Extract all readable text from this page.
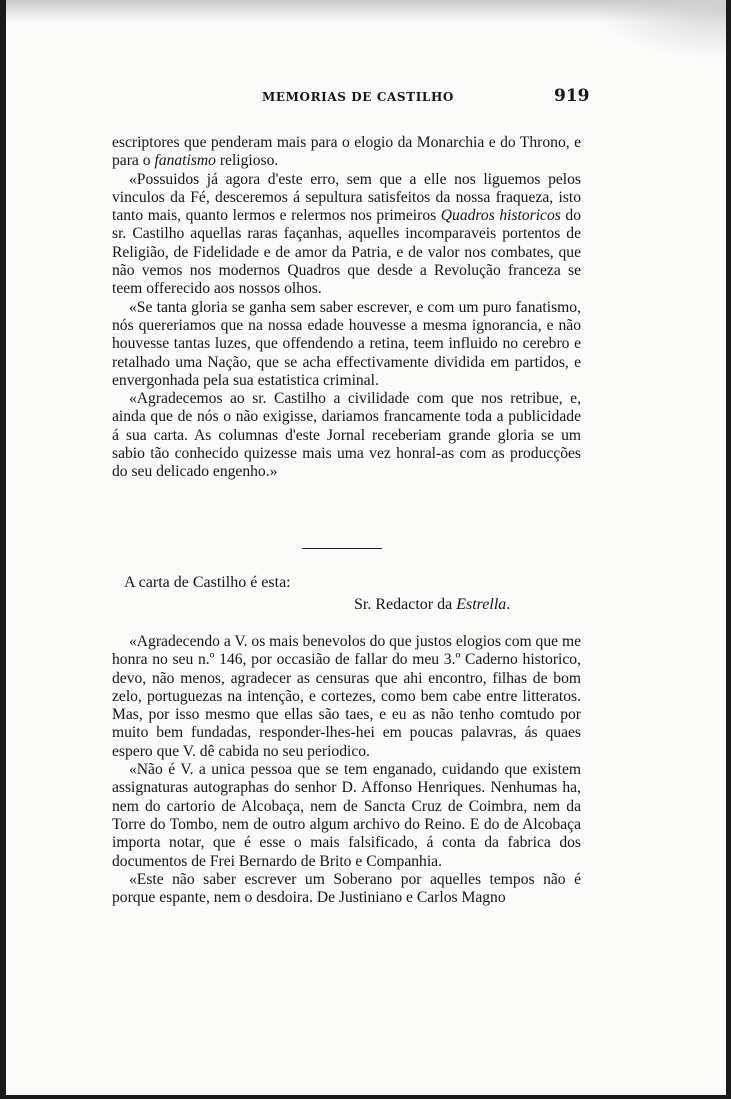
MEMORIAS DE CASTILHO	919

escriptores que penderam mais para o elogio da Monarchia e do Throno, e para o fanatismo religioso.

«Possuidos já agora d'este erro, sem que a elle nos liguemos pelos vinculos da Fé, desceremos á sepultura satisfeitos da nossa fraqueza, isto tanto mais, quanto lermos e relermos nos primeiros Quadros historicos do sr. Castilho aquellas raras façanhas, aquelles incomparaveis portentos de Religião, de Fidelidade e de amor da Patria, e de valor nos combates, que não vemos nos modernos Quadros que desde a Revolução franceza se teem offerecido aos nossos olhos.

«Se tanta gloria se ganha sem saber escrever, e com um puro fanatismo, nós quereriamos que na nossa edade houvesse a mesma ignorancia, e não houvesse tantas luzes, que offendendo a retina, teem influido no cerebro e retalhado uma Nação, que se acha effectivamente dividida em partidos, e envergonhada pela sua estatistica criminal.

«Agradecemos ao sr. Castilho a civilidade com que nos retribue, e, ainda que de nós o não exigisse, dariamos francamente toda a publicidade á sua carta. As columnas d'este Jornal receberiam grande gloria se um sabio tão conhecido quizesse mais uma vez honral-as com as producções do seu delicado engenho.»

A carta de Castilho é esta:
Sr. Redactor da Estrella.

«Agradecendo a V. os mais benevolos do que justos elogios com que me honra no seu n.º 146, por occasião de fallar do meu 3.º Caderno historico, devo, não menos, agradecer as censuras que ahi encontro, filhas de bom zelo, portuguezas na intenção, e cortezes, como bem cabe entre litteratos. Mas, por isso mesmo que ellas são taes, e eu as não tenho comtudo por muito bem fundadas, responder-lhes-hei em poucas palavras, ás quaes espero que V. dê cabida no seu periodico.

«Não é V. a unica pessoa que se tem enganado, cuidando que existem assignaturas autographas do senhor D. Affonso Henriques. Nenhumas ha, nem do cartorio de Alcobaça, nem de Sancta Cruz de Coimbra, nem da Torre do Tombo, nem de outro algum archivo do Reino. E do de Alcobaça importa notar, que é esse o mais falsificado, á conta da fabrica dos documentos de Frei Bernardo de Brito e Companhia.

«Este não saber escrever um Soberano por aquelles tempos não é porque espante, nem o desdoira. De Justiniano e Carlos Magno
